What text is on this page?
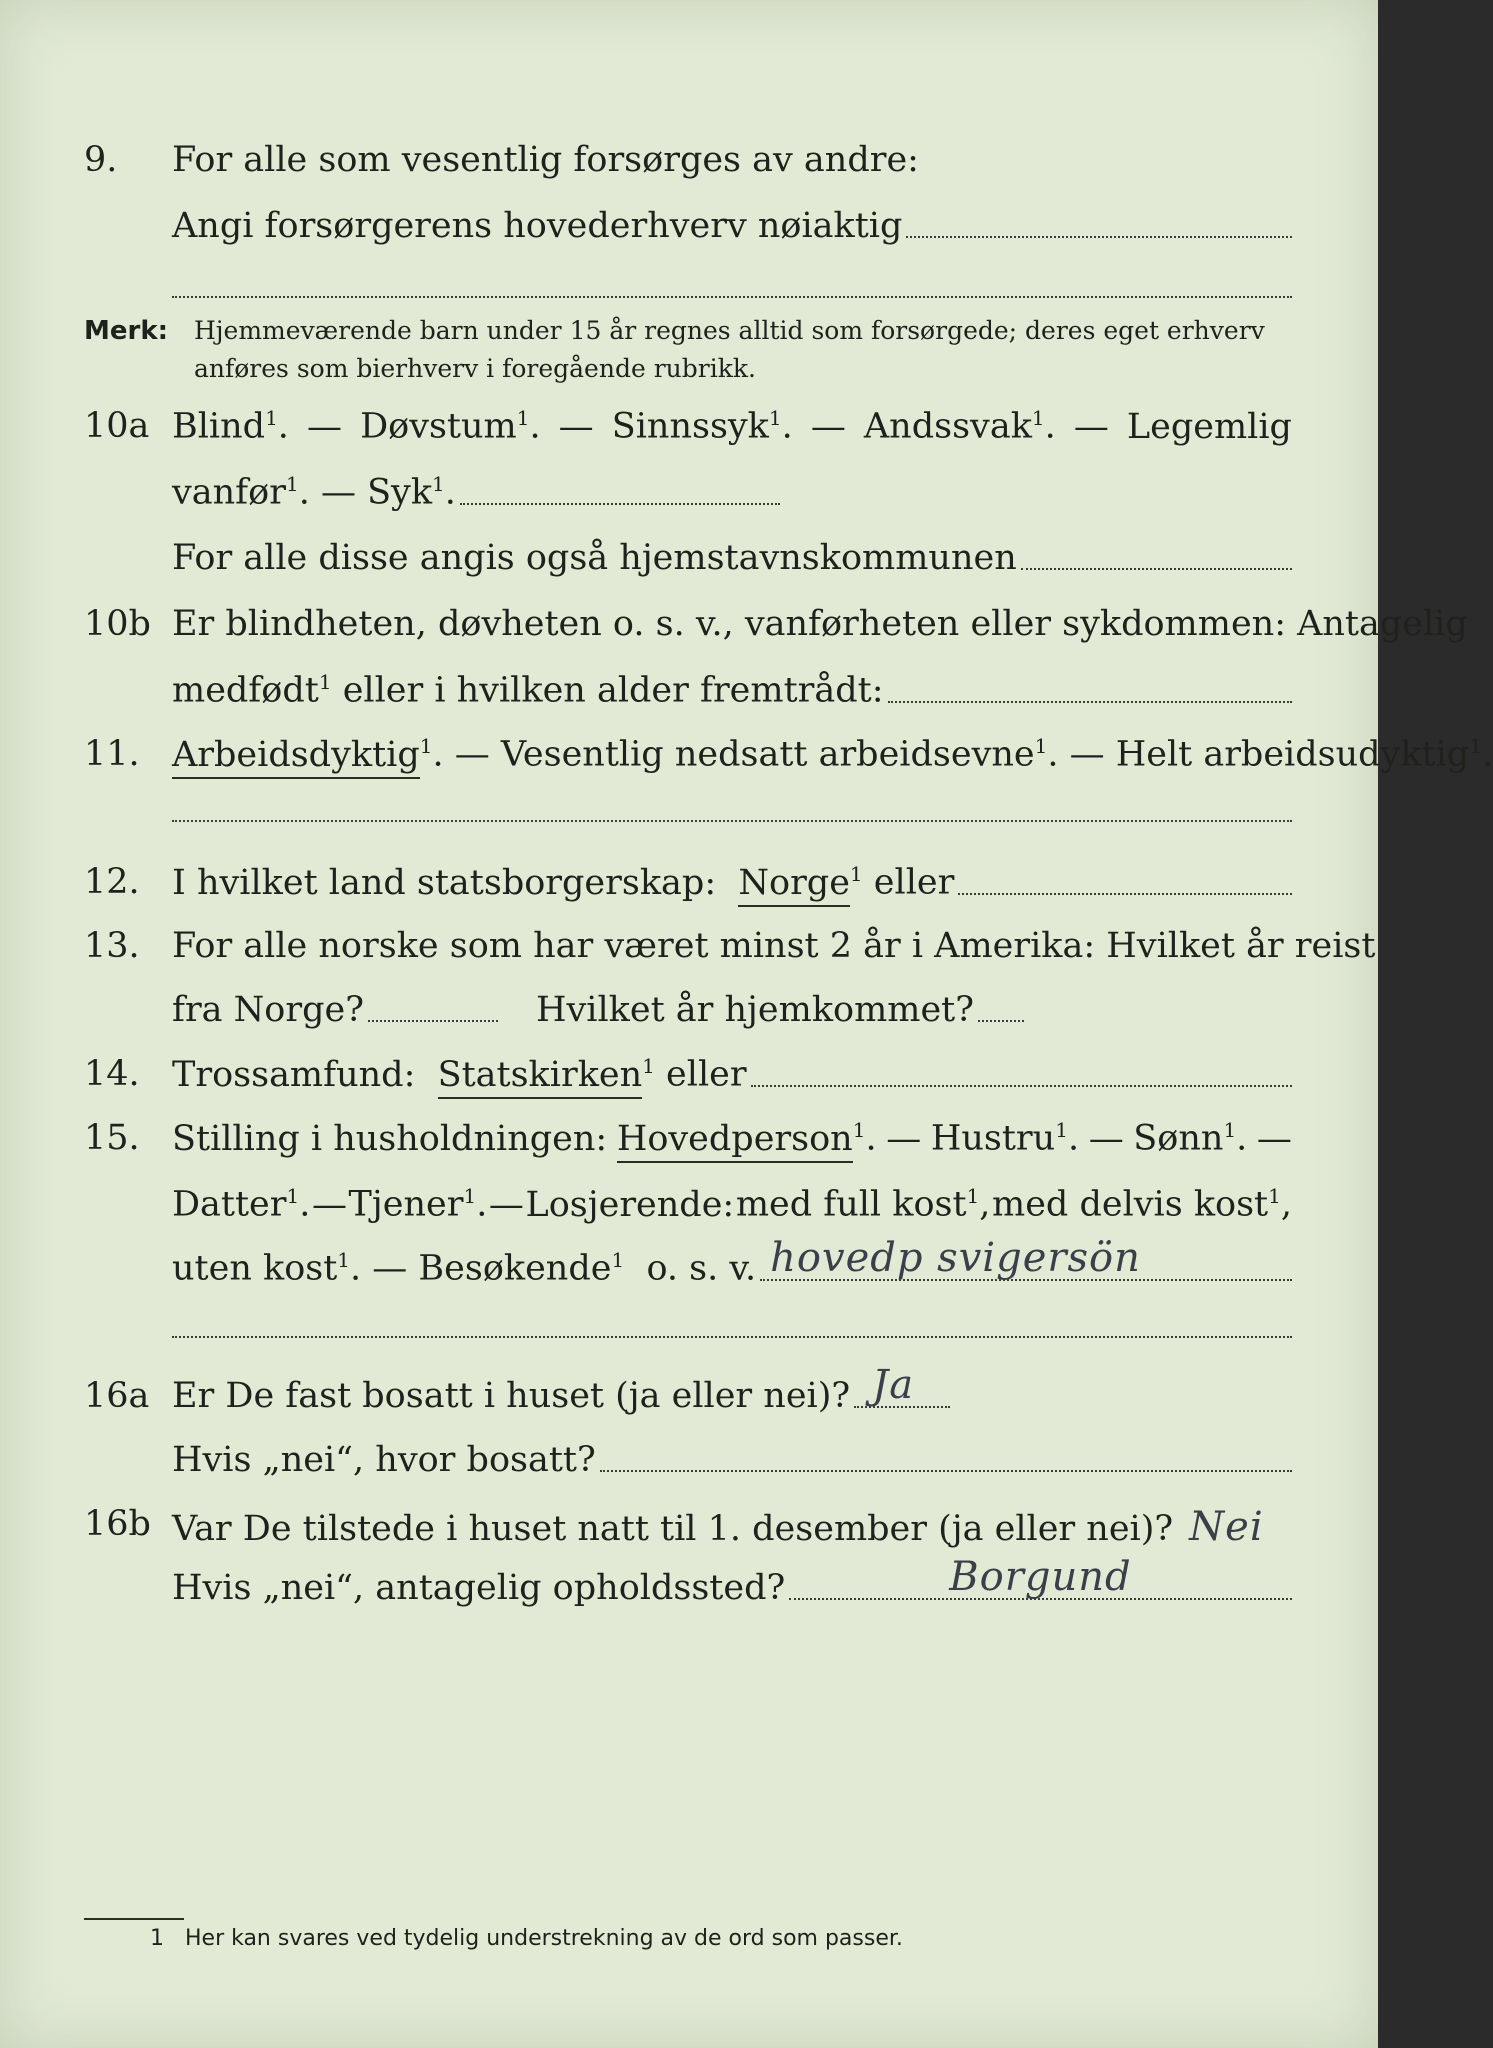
9.	For alle som vesentlig forsørges av andre:
Angi forsørgerens hovederhverv nøiaktig
Merk: Hjemmeværende barn under 15 år regnes alltid som forsørgede; deres eget erhverv
anføres som bierhverv i foregående rubrikk.
10a Blind$^1$. — Døvstum$^1$. — Sinnssyk$^1$. — Andssvak$^1$. — Legemlig
vanfør$^1$. — Syk$^1$.
For alle disse angis også hjemstavnskommunen
10b Er blindheten, døvheten o. s. v., vanførheten eller sykdommen: Antagelig
medfødt$^1$ eller i hvilken alder fremtrådt:
11. Arbeidsdyktig$^1$. — Vesentlig nedsatt arbeidsevne$^1$. — Helt arbeidsudyktig$^1$.
12. I hvilket land statsborgerskap: Norge$^1$ eller
13. For alle norske som har været minst 2 år i Amerika: Hvilket år reist
fra Norge?	Hvilket år hjemkommet?
14. Trossamfund: Statskirken$^1$ eller
15. Stilling i husholdningen: Hovedperson$^1$. — Hustru$^1$. — Sønn$^1$. —
Datter$^1$. — Tjener$^1$. — Losjerende: med full kost$^1$, med delvis kost$^1$,
uten kost$^1$. — Besøkende$^1$ o. s. v. hovedp svigersön
16a Er De fast bosatt i huset (ja eller nei)? Ja
Hvis „nei“, hvor bosatt?
16b Var De tilstede i huset natt til 1. desember (ja eller nei)? Nei
Hvis „nei“, antagelig opholdssted?	Borgund
1 Her kan svares ved tydelig understrekning av de ord som passer.
